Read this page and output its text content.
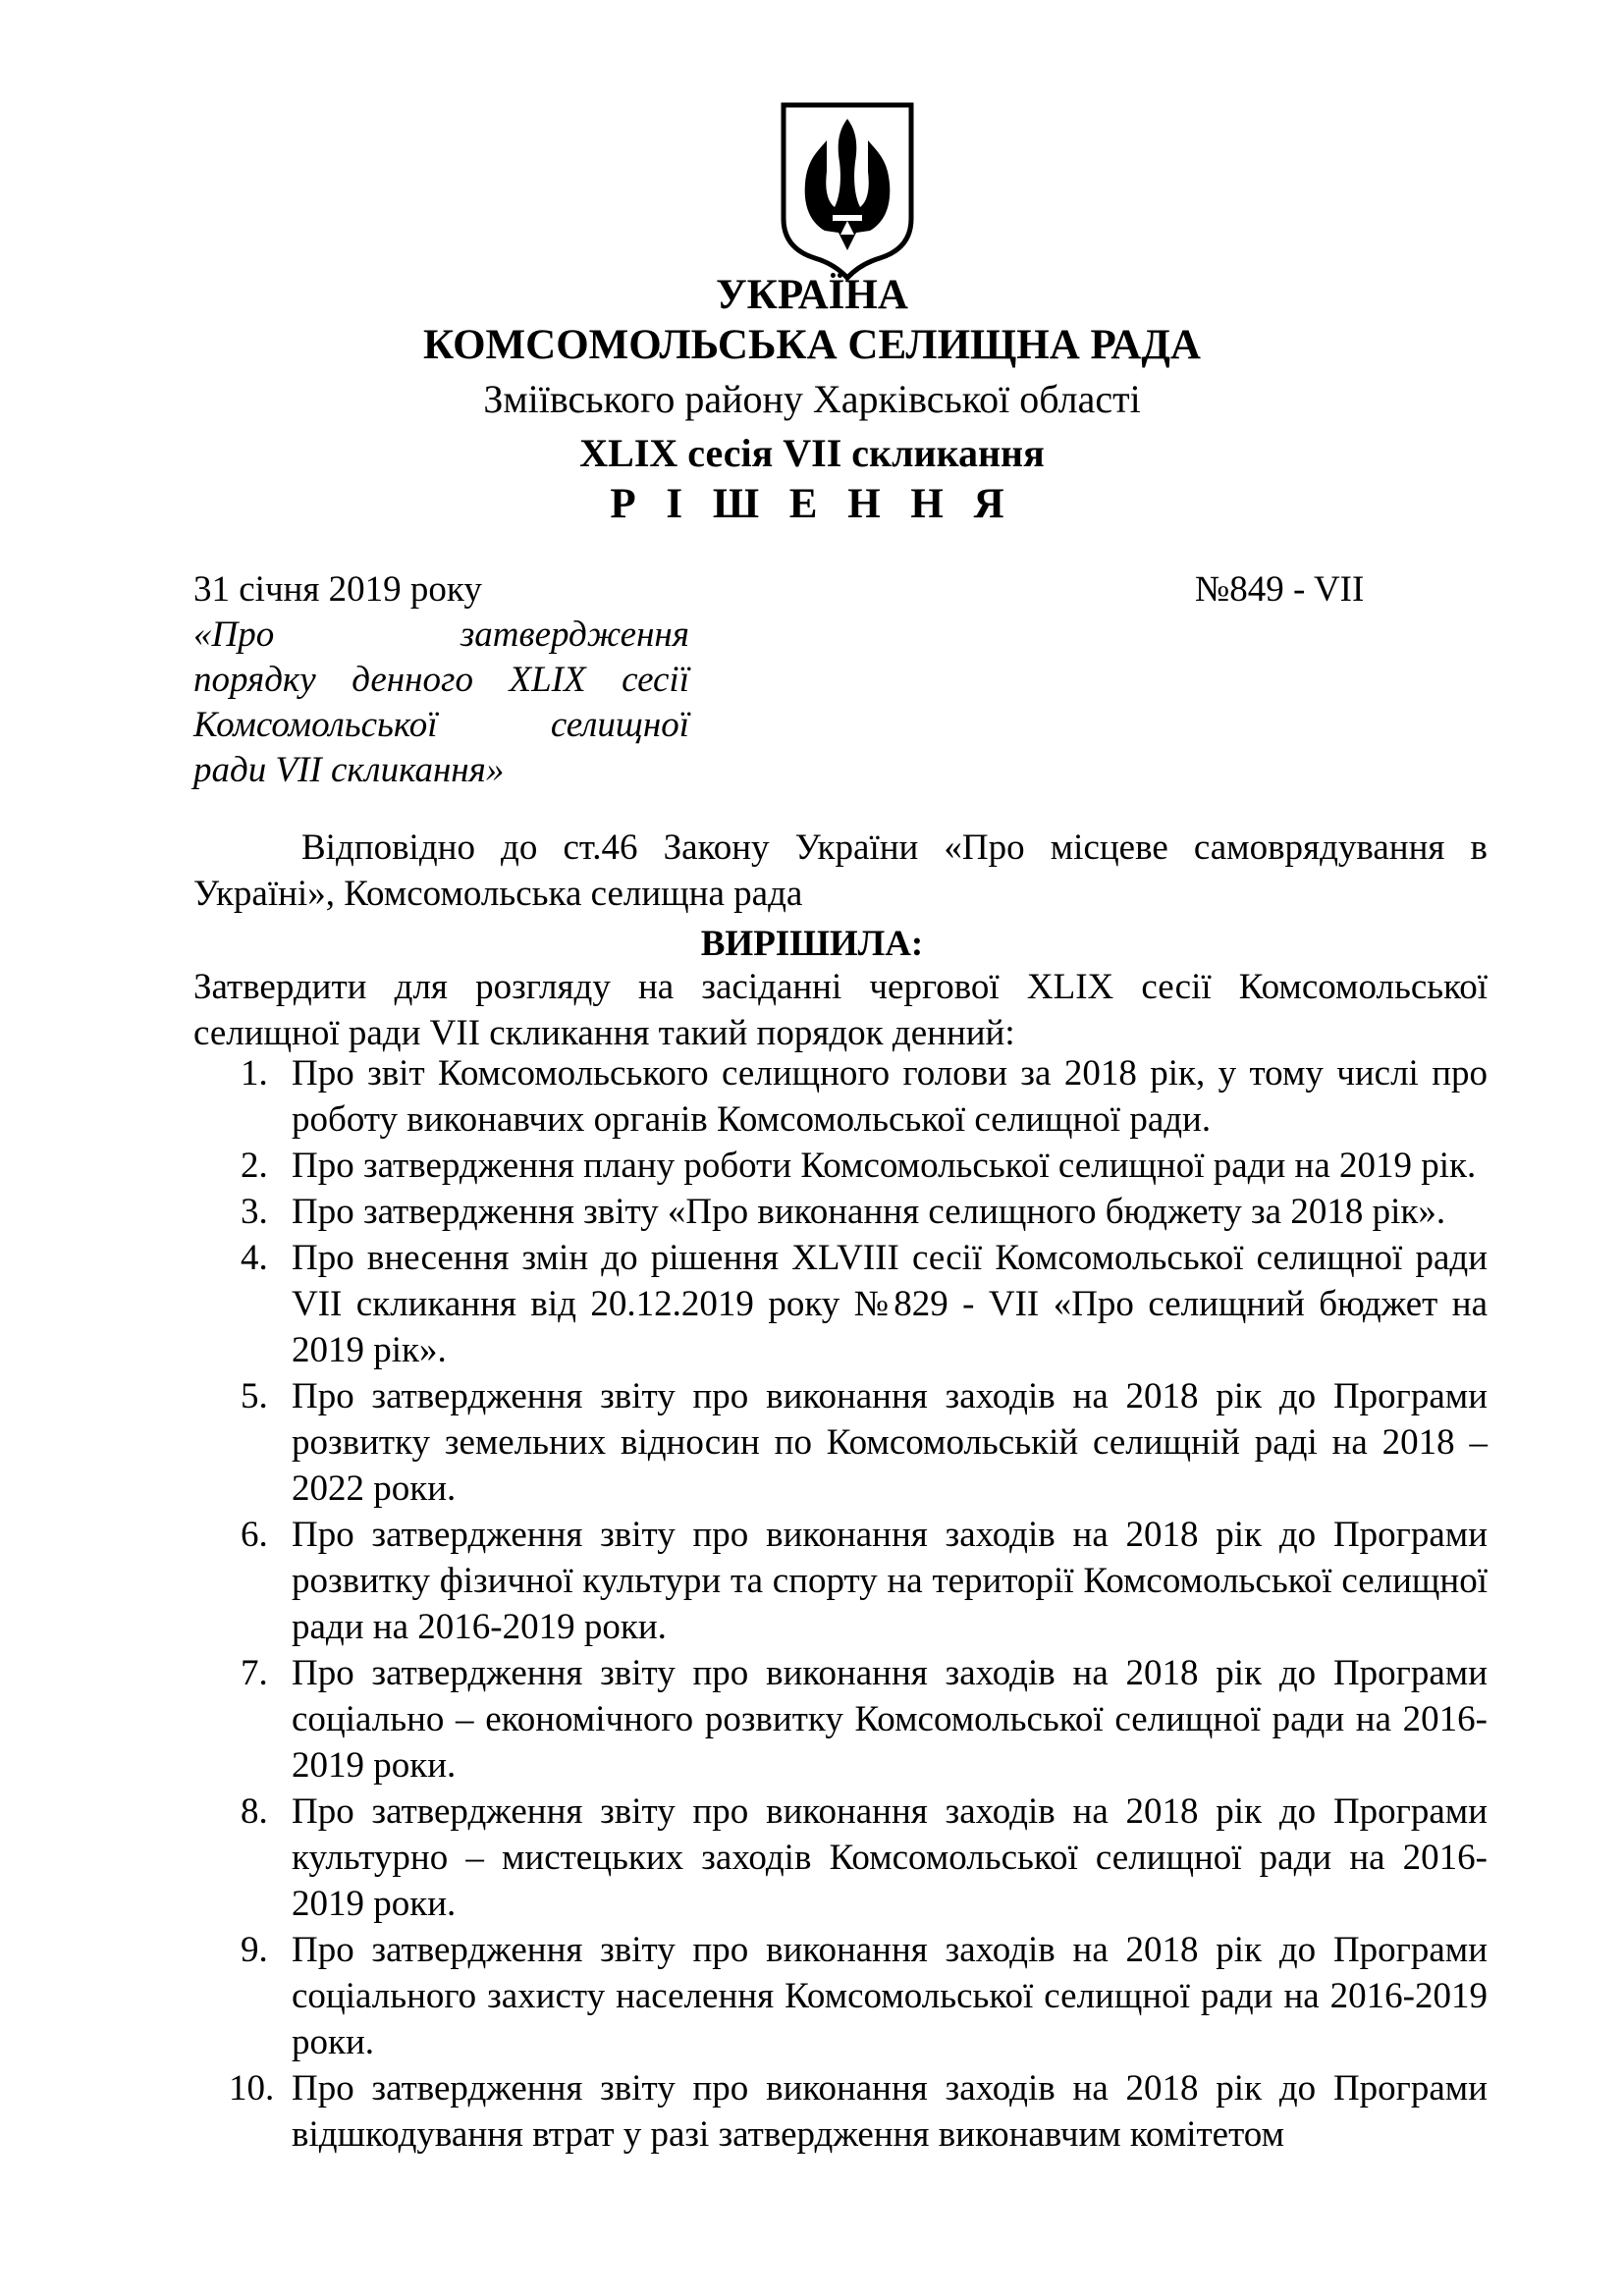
УКРАЇНА
КОМСОМОЛЬСЬКА СЕЛИЩНА РАДА
Зміївського району Харківської області
XLIX сесія VII скликання
Р І Ш Е Н Н Я
31 січня 2019 року	№849 - VII
«Про затвердження
порядку денного XLIX сесії
Комсомольської селищної
ради VII скликання»
Відповідно до ст.46 Закону України «Про місцеве самоврядування в Україні», Комсомольська селищна рада
ВИРІШИЛА:
Затвердити для розгляду на засіданні чергової XLIX сесії Комсомольської селищної ради VII скликання такий порядок денний:
1. Про звіт Комсомольського селищного голови за 2018 рік, у тому числі про роботу виконавчих органів Комсомольської селищної ради.
2. Про затвердження плану роботи Комсомольської селищної ради на 2019 рік.
3. Про затвердження звіту «Про виконання селищного бюджету за 2018 рік».
4. Про внесення змін до рішення XLVIII сесії Комсомольської селищної ради VII скликання від 20.12.2019 року №829 - VII «Про селищний бюджет на 2019 рік».
5. Про затвердження звіту про виконання заходів на 2018 рік до Програми розвитку земельних відносин по Комсомольській селищній раді на 2018 – 2022 роки.
6. Про затвердження звіту про виконання заходів на 2018 рік до Програми розвитку фізичної культури та спорту на території Комсомольської селищної ради на 2016-2019 роки.
7. Про затвердження звіту про виконання заходів на 2018 рік до Програми соціально – економічного розвитку Комсомольської селищної ради на 2016-2019 роки.
8. Про затвердження звіту про виконання заходів на 2018 рік до Програми культурно – мистецьких заходів Комсомольської селищної ради на 2016-2019 роки.
9. Про затвердження звіту про виконання заходів на 2018 рік до Програми соціального захисту населення Комсомольської селищної ради на 2016-2019 роки.
10. Про затвердження звіту про виконання заходів на 2018 рік до Програми відшкодування втрат у разі затвердження виконавчим комітетом
